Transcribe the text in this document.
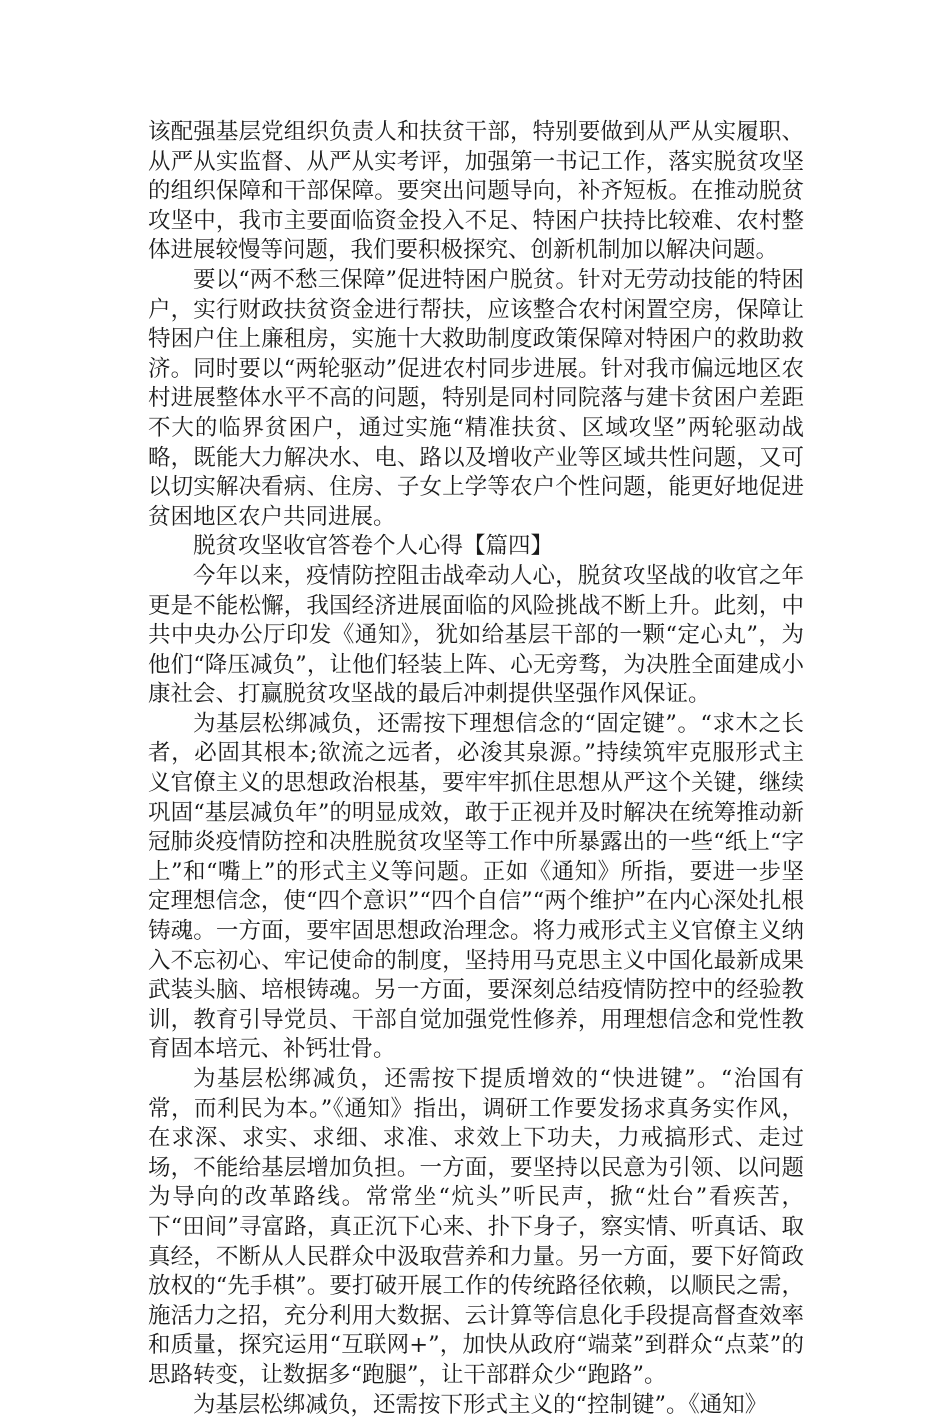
该配强基层党组织负责人和扶贫干部，特别要做到从严从实履职、从严从实监督、从严从实考评，加强第一书记工作，落实脱贫攻坚的组织保障和干部保障。要突出问题导向，补齐短板。在推动脱贫攻坚中，我市主要面临资金投入不足、特困户扶持比较难、农村整体进展较慢等问题，我们要积极探究、创新机制加以解决问题。

要以“两不愁三保障”促进特困户脱贫。针对无劳动技能的特困户，实行财政扶贫资金进行帮扶，应该整合农村闲置空房，保障让特困户住上廉租房，实施十大救助制度政策保障对特困户的救助救济。同时要以“两轮驱动”促进农村同步进展。针对我市偏远地区农村进展整体水平不高的问题，特别是同村同院落与建卡贫困户差距不大的临界贫困户，通过实施“精准扶贫、区域攻坚”两轮驱动战略，既能大力解决水、电、路以及增收产业等区域共性问题，又可以切实解决看病、住房、子女上学等农户个性问题，能更好地促进贫困地区农户共同进展。

脱贫攻坚收官答卷个人心得【篇四】

今年以来，疫情防控阻击战牵动人心，脱贫攻坚战的收官之年更是不能松懈，我国经济进展面临的风险挑战不断上升。此刻，中共中央办公厅印发《通知》，犹如给基层干部的一颗“定心丸”，为他们“降压减负”，让他们轻装上阵、心无旁骛，为决胜全面建成小康社会、打赢脱贫攻坚战的最后冲刺提供坚强作风保证。

为基层松绑减负，还需按下理想信念的“固定键”。“求木之长者，必固其根本;欲流之远者，必浚其泉源。”持续筑牢克服形式主义官僚主义的思想政治根基，要牢牢抓住思想从严这个关键，继续巩固“基层减负年”的明显成效，敢于正视并及时解决在统筹推动新冠肺炎疫情防控和决胜脱贫攻坚等工作中所暴露出的一些“纸上“字上”和“嘴上”的形式主义等问题。正如《通知》所指，要进一步坚定理想信念，使“四个意识”“四个自信”“两个维护”在内心深处扎根铸魂。一方面，要牢固思想政治理念。将力戒形式主义官僚主义纳入不忘初心、牢记使命的制度，坚持用马克思主义中国化最新成果武装头脑、培根铸魂。另一方面，要深刻总结疫情防控中的经验教训，教育引导党员、干部自觉加强党性修养，用理想信念和党性教育固本培元、补钙壮骨。

为基层松绑减负，还需按下提质增效的“快进键”。“治国有常，而利民为本。”《通知》指出，调研工作要发扬求真务实作风，在求深、求实、求细、求准、求效上下功夫，力戒搞形式、走过场，不能给基层增加负担。一方面，要坚持以民意为引领、以问题为导向的改革路线。常常坐“炕头”听民声，掀“灶台”看疾苦，下“田间”寻富路，真正沉下心来、扑下身子，察实情、听真话、取真经，不断从人民群众中汲取营养和力量。另一方面，要下好简政放权的“先手棋”。要打破开展工作的传统路径依赖，以顺民之需，施活力之招，充分利用大数据、云计算等信息化手段提高督查效率和质量，探究运用“互联网+”，加快从政府“端菜”到群众“点菜”的思路转变，让数据多“跑腿”，让干部群众少“跑路”。

为基层松绑减负，还需按下形式主义的“控制键”。《通知》
